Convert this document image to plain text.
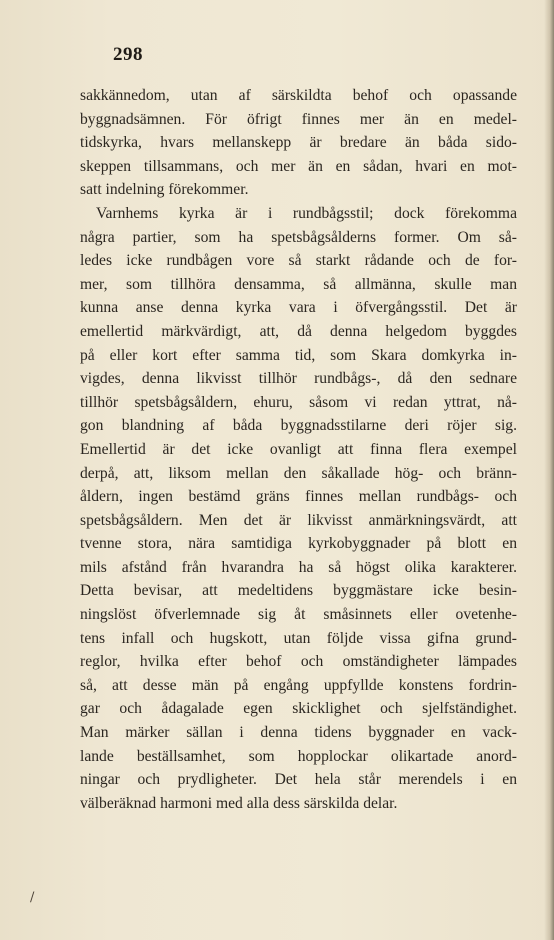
298
sakkännedom, utan af särskildta behof och opassande
byggnadsämnen. För öfrigt finnes mer än en medel-
tidskyrka, hvars mellanskepp är bredare än båda sido-
skeppen tillsammans, och mer än en sådan, hvari en mot-
satt indelning förekommer.
Varnhems kyrka är i rundbågsstil; dock förekomma
några partier, som ha spetsbågsålderns former. Om så-
ledes icke rundbågen vore så starkt rådande och de for-
mer, som tillhöra densamma, så allmänna, skulle man
kunna anse denna kyrka vara i öfvergångsstil. Det är
emellertid märkvärdigt, att, då denna helgedom byggdes
på eller kort efter samma tid, som Skara domkyrka in-
vigdes, denna likvisst tillhör rundbågs-, då den sednare
tillhör spetsbågsåldern, ehuru, såsom vi redan yttrat, nå-
gon blandning af båda byggnadsstilarne deri röjer sig.
Emellertid är det icke ovanligt att finna flera exempel
derpå, att, liksom mellan den såkallade hög- och bränn-
åldern, ingen bestämd gräns finnes mellan rundbågs- och
spetsbågsåldern. Men det är likvisst anmärkningsvärdt, att
tvenne stora, nära samtidiga kyrkobyggnader på blott en
mils afstånd från hvarandra ha så högst olika karakterer.
Detta bevisar, att medeltidens byggmästare icke besin-
ningslöst öfverlemnade sig åt småsinnets eller ovetenhe-
tens infall och hugskott, utan följde vissa gifna grund-
reglor, hvilka efter behof och omständigheter lämpades
så, att desse män på engång uppfyllde konstens fordrin-
gar och ådagalade egen skicklighet och sjelfständighet.
Man märker sällan i denna tidens byggnader en vack-
lande beställsamhet, som hopplockar olikartade anord-
ningar och prydligheter. Det hela står merendels i en
välberäknad harmoni med alla dess särskilda delar.
/
